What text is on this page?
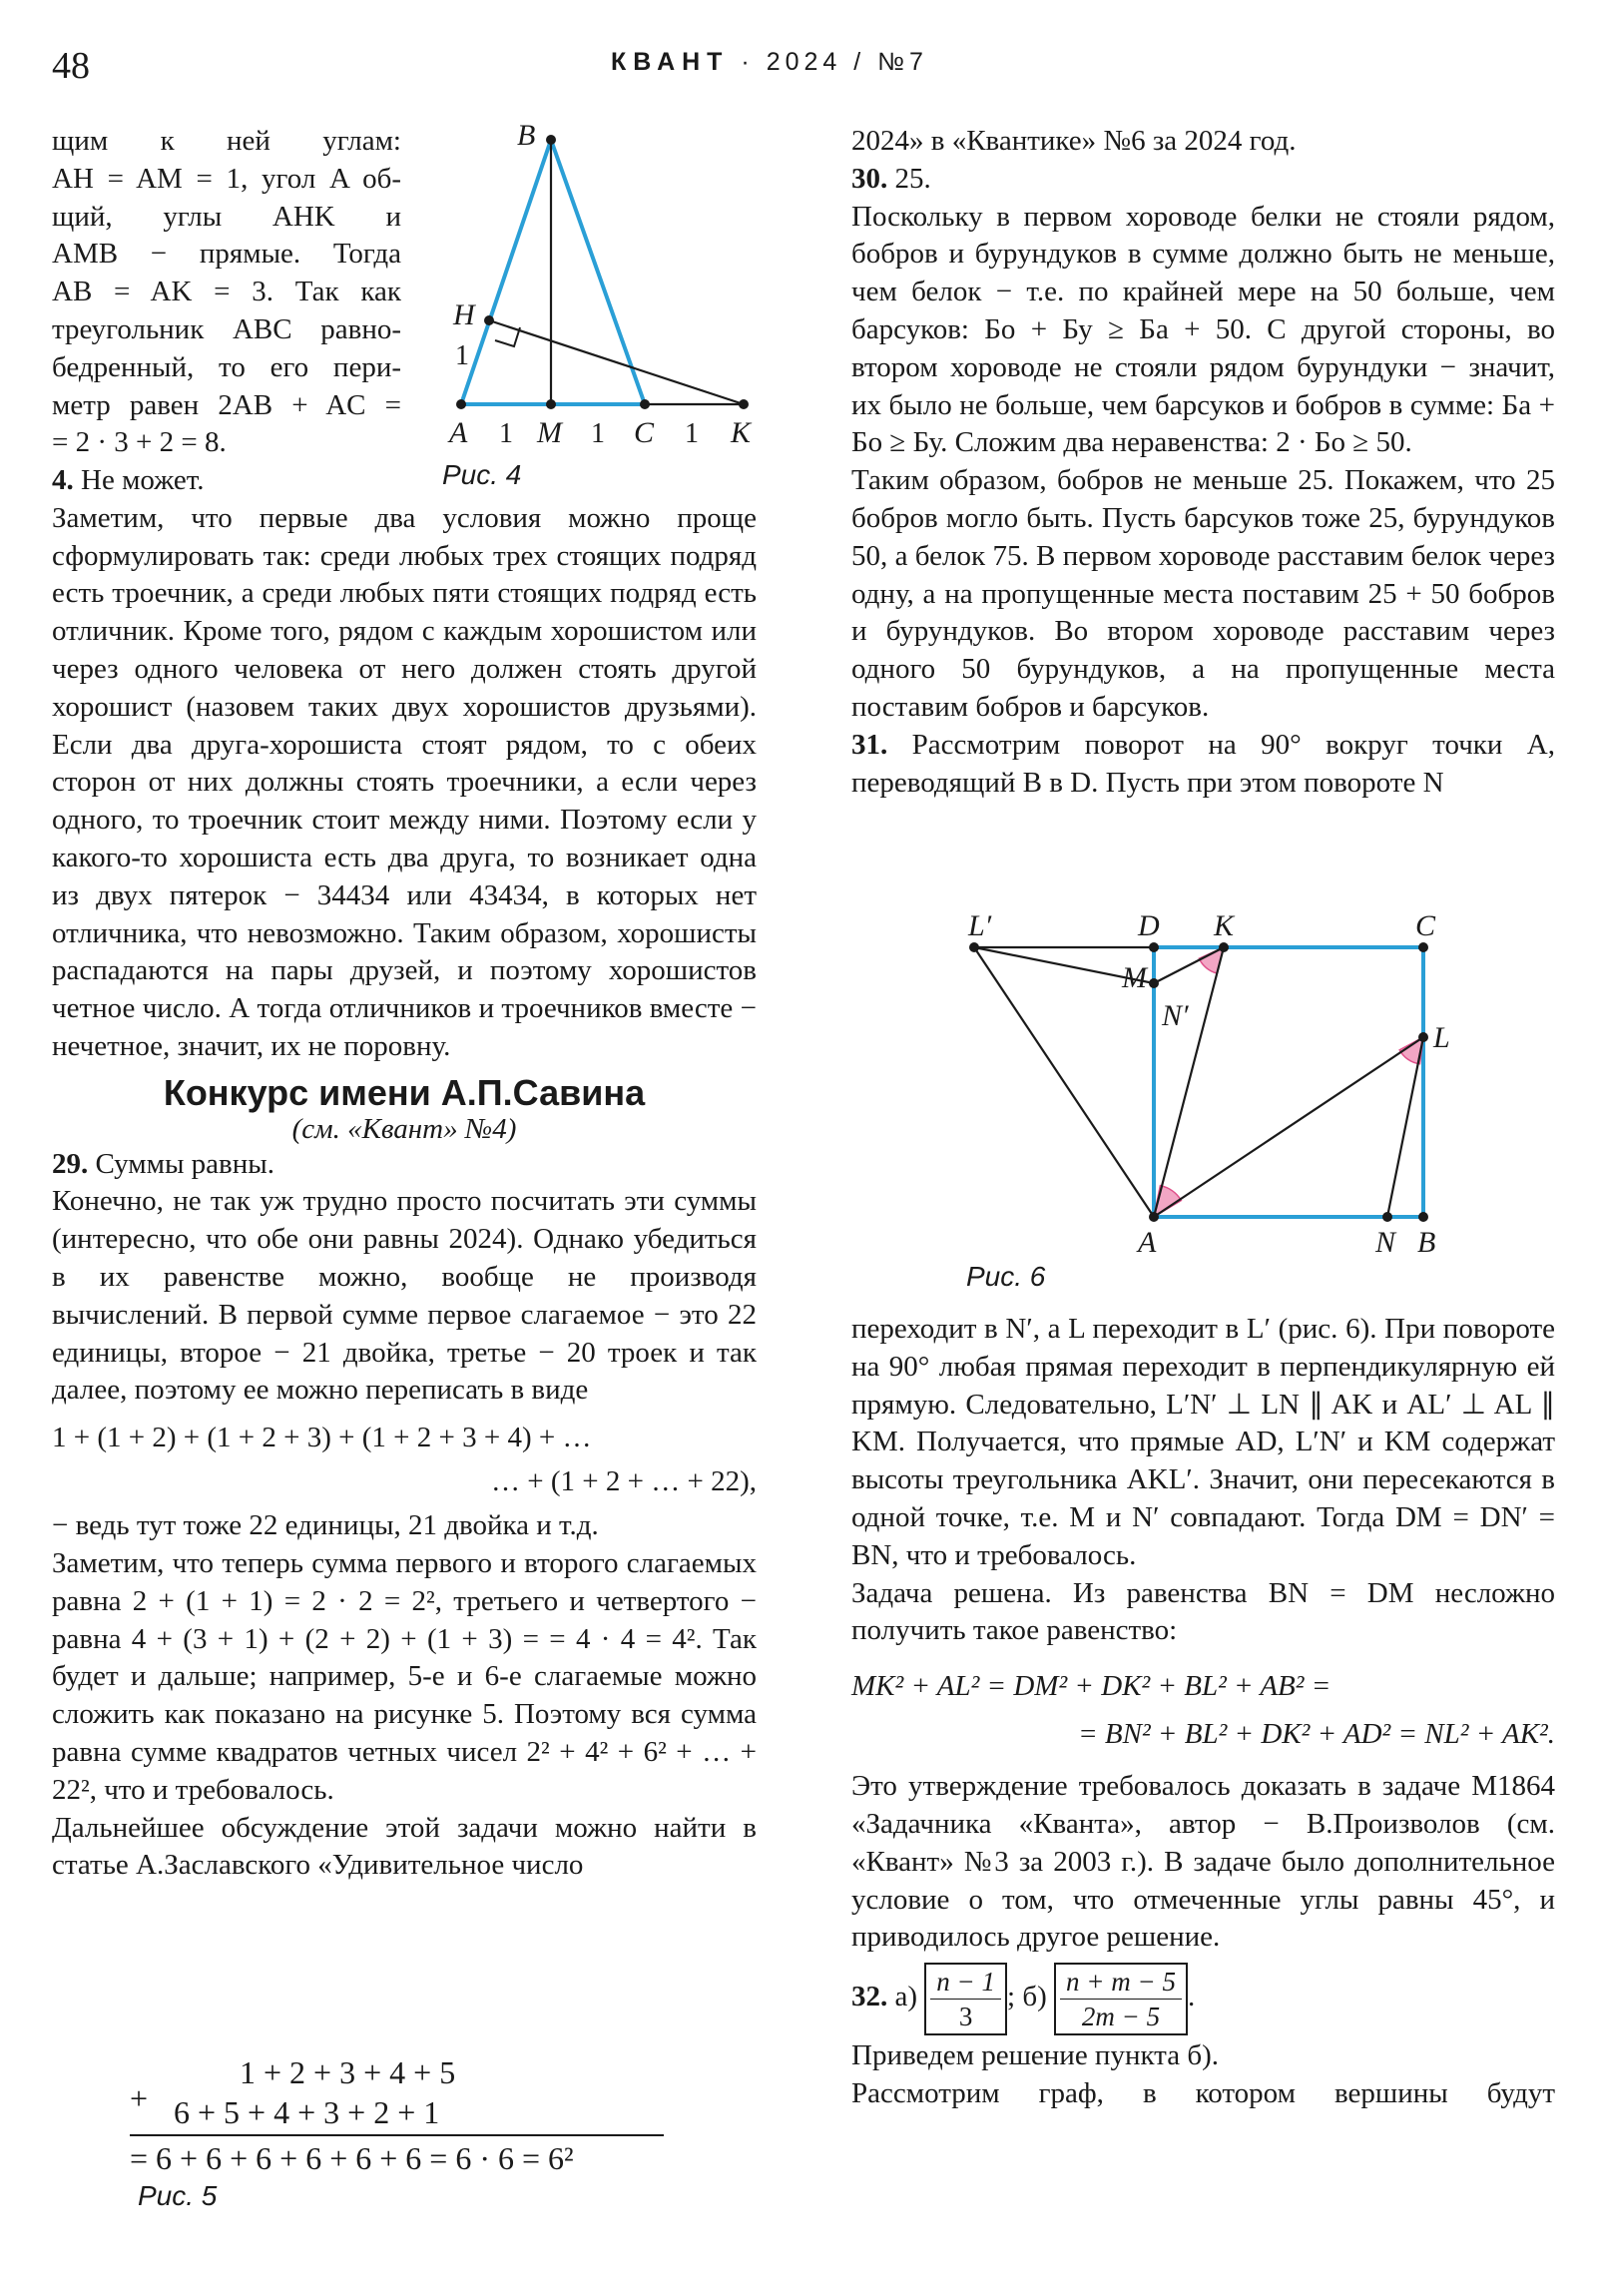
48	КВАНТ · 2024 / №7
щим к ней углам:
AH = AM = 1, угол A об-
щий, углы AHK и
AMB − прямые. Тогда
AB = AK = 3. Так как
треугольник ABC равно-
бедренный, то его пери-
метр равен 2AB + AC =
= 2 · 3 + 2 = 8.
B
H
A M C	K
1
1	1	1
Рис. 4

4. Не может.

Заметим, что первые два условия можно проще сформулировать так: среди любых трех стоящих подряд есть троечник, а среди любых пяти стоящих подряд есть отличник. Кроме того, рядом с каждым хорошистом или через одного человека от него должен стоять другой хорошист (назовем таких двух хорошистов друзьями). Если два друга-хорошиста стоят рядом, то с обеих сторон от них должны стоять троечники, а если через одного, то троечник стоит между ними. Поэтому если у какого-то хорошиста есть два друга, то возникает одна из двух пятерок − 34434 или 43434, в которых нет отличника, что невозможно. Таким образом, хорошисты распадаются на пары друзей, и поэтому хорошистов четное число. А тогда отличников и троечников вместе − нечетное, значит, их не поровну.

Конкурс имени А.П.Савина
(см. «Квант» №4)

29. Суммы равны.

Конечно, не так уж трудно просто посчитать эти суммы (интересно, что обе они равны 2024). Однако убедиться в их равенстве можно, вообще не производя вычислений. В первой сумме первое слагаемое − это 22 единицы, второе − 21 двойка, третье − 20 троек и так далее, поэтому ее можно переписать в виде

1 + (1 + 2) + (1 + 2 + 3) + (1 + 2 + 3 + 4) + …
… + (1 + 2 + … + 22),

− ведь тут тоже 22 единицы, 21 двойка и т.д.

Заметим, что теперь сумма первого и второго слагаемых равна 2 + (1 + 1) = 2 · 2 = 2², третьего и четвертого − равна 4 + (3 + 1) + (2 + 2) + (1 + 3) = = 4 · 4 = 4². Так будет и дальше; например, 5-е и 6-е слагаемые можно сложить как показано на рисунке 5. Поэтому вся сумма равна сумме квадратов четных чисел 2² + 4² + 6² + … + 22², что и требовалось.

Дальнейшее обсуждение этой задачи можно найти в статье А.Заславского «Удивительное число

1 + 2 + 3 + 4 + 5
+ 6 + 5 + 4 + 3 + 2 + 1
= 6 + 6 + 6 + 6 + 6 + 6 = 6 · 6 = 6²
Рис. 5

2024» в «Квантике» №6 за 2024 год.

30. 25.

Поскольку в первом хороводе белки не стояли рядом, бобров и бурундуков в сумме должно быть не меньше, чем белок − т.е. по крайней мере на 50 больше, чем барсуков: Бо + Бу ≥ Ба + 50. С другой стороны, во втором хороводе не стояли рядом бурундуки − значит, их было не больше, чем барсуков и бобров в сумме: Ба + Бо ≥ Бу. Сложим два неравенства: 2 · Бо ≥ 50.

Таким образом, бобров не меньше 25. Покажем, что 25 бобров могло быть. Пусть барсуков тоже 25, бурундуков 50, а белок 75. В первом хороводе расставим белок через одну, а на пропущенные места поставим 25 + 50 бобров и бурундуков. Во втором хороводе расставим через одного 50 бурундуков, а на пропущенные места поставим бобров и барсуков.

31. Рассмотрим поворот на 90° вокруг точки A, переводящий B в D. Пусть при этом повороте N

L′	D K	C
M
N′
L
A	N B
Рис. 6

переходит в N′, а L переходит в L′ (рис. 6). При повороте на 90° любая прямая переходит в перпендикулярную ей прямую. Следовательно, L′N′ ⊥ LN ∥ AK и AL′ ⊥ AL ∥ KM. Получается, что прямые AD, L′N′ и KM содержат высоты треугольника AKL′. Значит, они пересекаются в одной точке, т.е. M и N′ совпадают. Тогда DM = DN′ = BN, что и требовалось.

Задача решена. Из равенства BN = DM несложно получить такое равенство:

MK² + AL² = DM² + DK² + BL² + AB² =
= BN² + BL² + DK² + AD² = NL² + AK².

Это утверждение требовалось доказать в задаче М1864 «Задачника «Кванта», автор − В.Произволов (см. «Квант» №3 за 2003 г.). В задаче было дополнительное условие о том, что отмеченные углы равны 45°, и приводилось другое решение.

32. $а) \frac{n - 1}{3}$ ; $б) \frac{n + m - 5}{2m - 5}$ .

Приведем решение пункта б).

Рассмотрим граф, в котором вершины будут
